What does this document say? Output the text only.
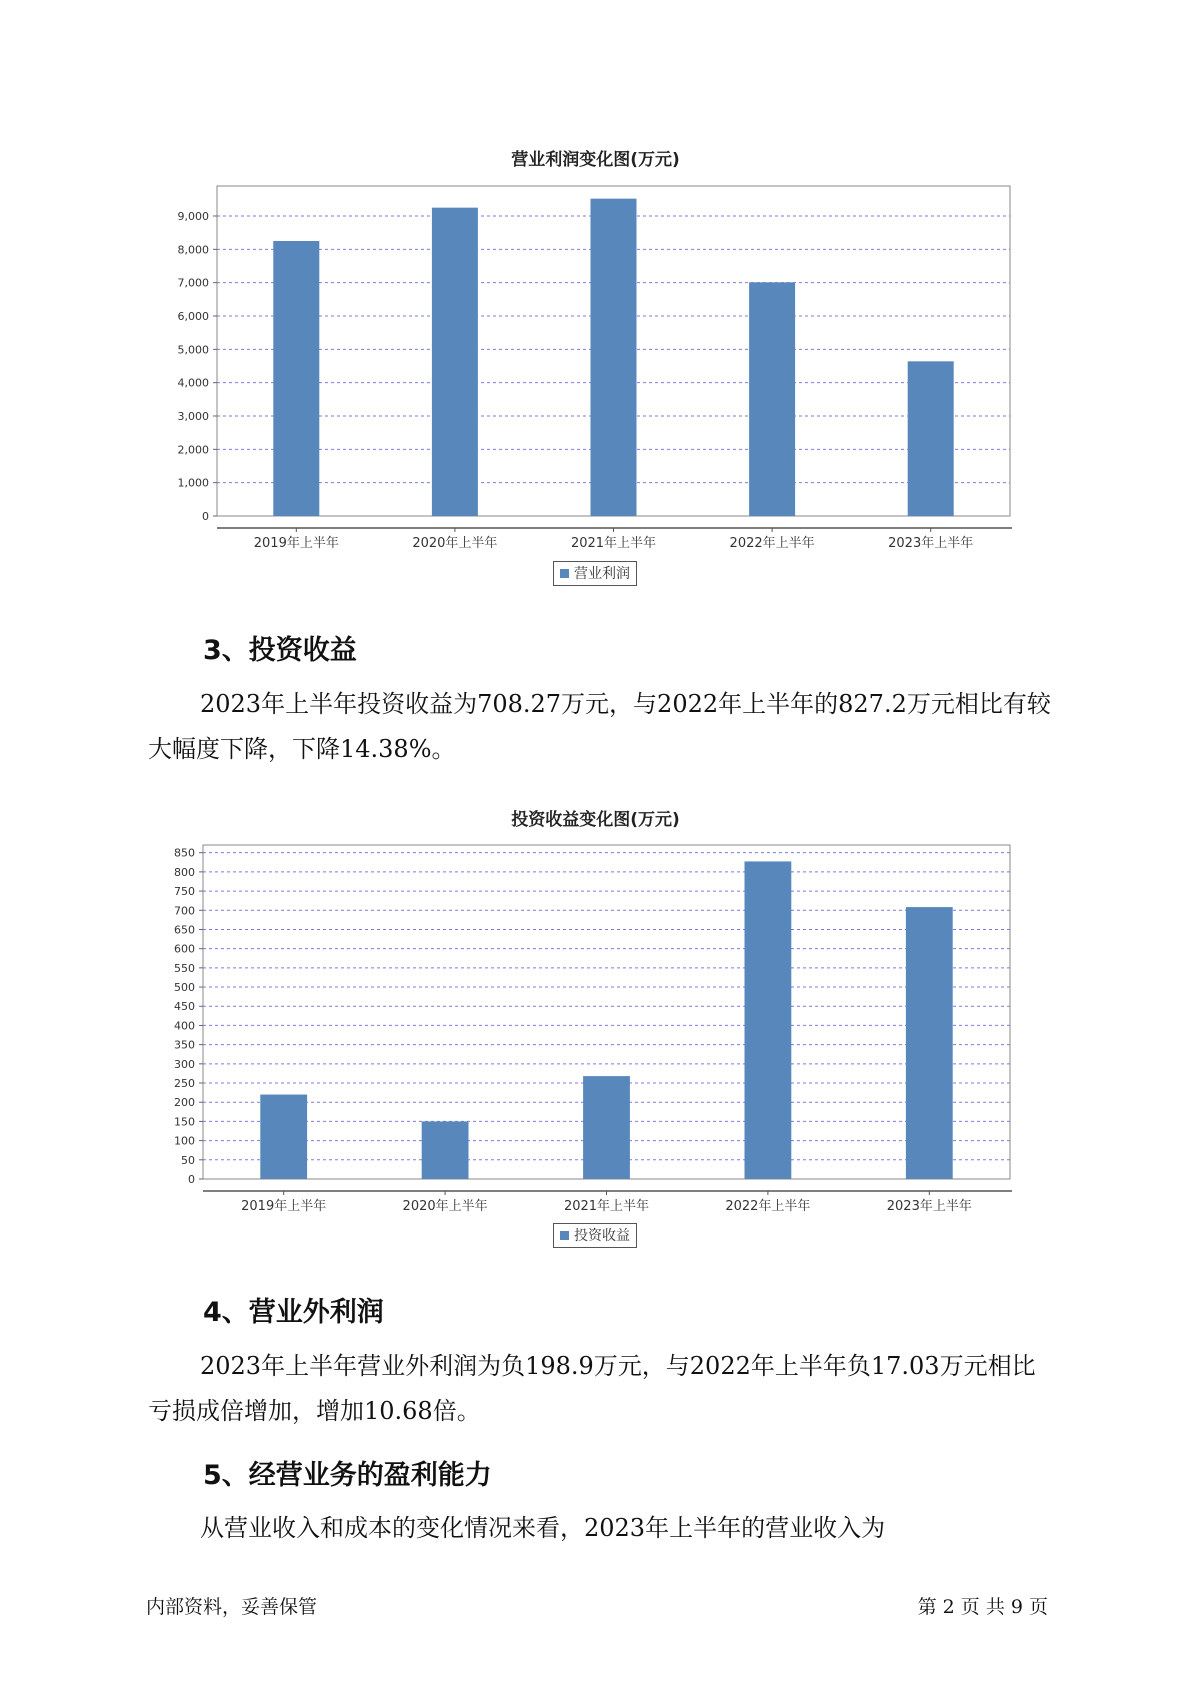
营业利润变化图(万元)
0
1,000
2,000
3,000
4,000
5,000
6,000
7,000
8,000
9,000
2019年上半年	2020年上半年	2021年上半年	2022年上半年	2023年上半年
营业利润
3、投资收益

2023年上半年投资收益为708.27万元，与2022年上半年的827.2万元相比有较大幅度下降，下降14.38%。

投资收益变化图(万元)
0
50
100
150
200
250
300
350
400
450
500
550
600
650
700
750
800
850
2019年上半年	2020年上半年	2021年上半年	2022年上半年	2023年上半年
投资收益
4、营业外利润

2023年上半年营业外利润为负198.9万元，与2022年上半年负17.03万元相比亏损成倍增加，增加10.68倍。

5、经营业务的盈利能力

从营业收入和成本的变化情况来看，2023年上半年的营业收入为

内部资料，妥善保管	第 2 页 共 9 页
